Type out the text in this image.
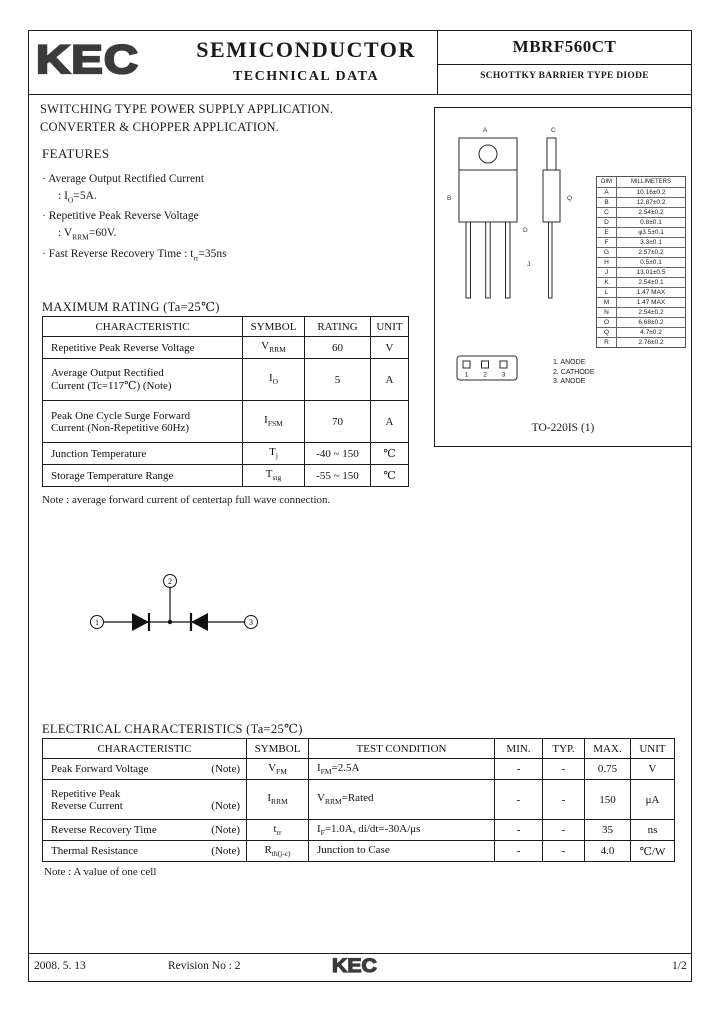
KEC	SEMICONDUCTOR
TECHNICAL DATA
MBRF560CT
SCHOTTKY BARRIER TYPE DIODE
SWITCHING TYPE POWER SUPPLY APPLICATION.
CONVERTER & CHOPPER APPLICATION.
FEATURES
· Average Output Rectified Current
: $I_O=5A$.
· Repetitive Peak Reverse Voltage
: $V_{RRM}=60V$.
· Fast Reverse Recovery Time : $t_{rr}=35ns$
A	C
B	Q
D
J
1 2 3
DIM	MILLIMETERS
A	10.16±0.2
B	12.87±0.2
C	2.54±0.2
D	0.8±0.1
E	φ3.5±0.1
F	3.3±0.1
G	2.57±0.2
H	0.5±0.1
J	13.01±0.5
K	2.54±0.1
L	1.47 MAX
M	1.47 MAX
N	2.54±0.2
O	6.68±0.2
Q	4.7±0.2
R	2.76±0.2
1. ANODE
2. CATHODE
3. ANODE
TO-220IS (1)
MAXIMUM RATING (Ta=25℃)
CHARACTERISTIC	SYMBOL	RATING	UNIT
Repetitive Peak Reverse Voltage	$V_{RRM}$	60	V

Average Output Rectified
Current (Tc=117℃) (Note)	$I_O$	5	A

Peak One Cycle Surge Forward
Current (Non-Repetitive 60Hz)	$I_{FSM}$	70	A
Junction Temperature	$T_j$	-40 ~ 150	℃
Storage Temperature Range	$T_{stg}$	-55 ~ 150	℃
Note : average forward current of centertap full wave connection.
1
2
3
ELECTRICAL CHARACTERISTICS (Ta=25℃)
CHARACTERISTIC	SYMBOL	TEST CONDITION	MIN.	TYP.	MAX.	UNIT

Peak Forward Voltage (Note)	$V_{FM}$	$I_{FM}=2.5A$	-	-	0.75	V

Repetitive Peak
Reverse Current (Note)	$I_{RRM}$	$V_{RRM}=Rated$	-	-	150	μA

Reverse Recovery Time (Note)	$t_{rr}$	$I_F=1.0A$, di/dt=-30A/μs	-	-	35	ns

Thermal Resistance (Note)	$R_{th(j-c)}$	Junction to Case	-	-	4.0	℃/W
Note : A value of one cell
2008. 5. 13	Revision No : 2	KEC	1/2
